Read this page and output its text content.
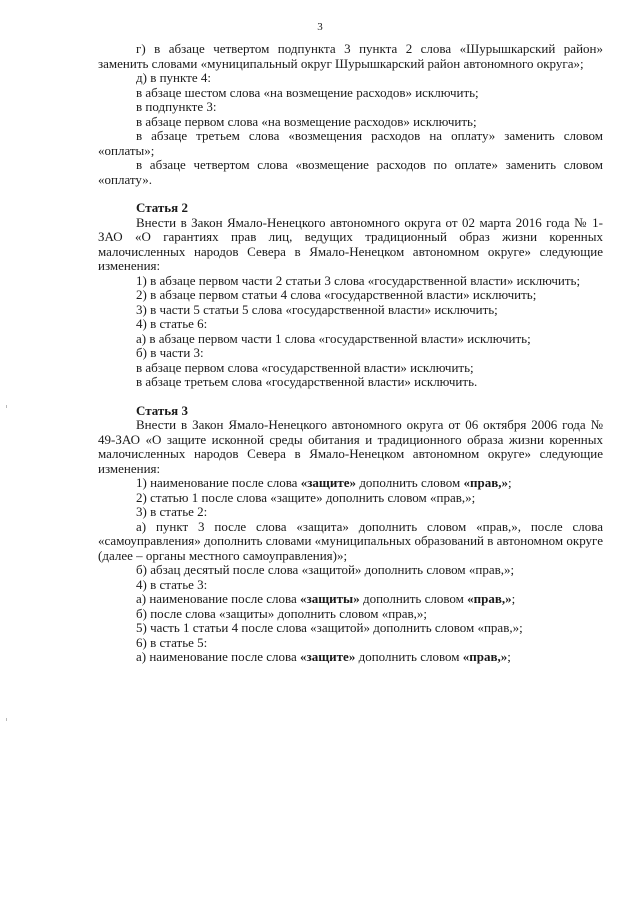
3

г) в абзаце четвертом подпункта 3 пункта 2 слова «Шурышкарский район» заменить словами «муниципальный округ Шурышкарский район автономного округа»;

д) в пункте 4:

в абзаце шестом слова «на возмещение расходов» исключить;

в подпункте 3:

в абзаце первом слова «на возмещение расходов» исключить;

в абзаце третьем слова «возмещения расходов на оплату» заменить словом «оплаты»;

в абзаце четвертом слова «возмещение расходов по оплате» заменить словом «оплату».

Статья 2

Внести в Закон Ямало-Ненецкого автономного округа от 02 марта 2016 года № 1-ЗАО «О гарантиях прав лиц, ведущих традиционный образ жизни коренных малочисленных народов Севера в Ямало-Ненецком автономном округе» следующие изменения:

1) в абзаце первом части 2 статьи 3 слова «государственной власти» исключить;

2) в абзаце первом статьи 4 слова «государственной власти» исключить;

3) в части 5 статьи 5 слова «государственной власти» исключить;

4) в статье 6:

а) в абзаце первом части 1 слова «государственной власти» исключить;

б) в части 3:

в абзаце первом слова «государственной власти» исключить;

в абзаце третьем слова «государственной власти» исключить.

Статья 3

Внести в Закон Ямало-Ненецкого автономного округа от 06 октября 2006 года № 49-ЗАО «О защите исконной среды обитания и традиционного образа жизни коренных малочисленных народов Севера в Ямало-Ненецком автономном округе» следующие изменения:

1) наименование после слова «защите» дополнить словом «прав,»;

2) статью 1 после слова «защите» дополнить словом «прав,»;

3) в статье 2:

а) пункт 3 после слова «защита» дополнить словом «прав,», после слова «самоуправления» дополнить словами «муниципальных образований в автономном округе (далее – органы местного самоуправления)»;

б) абзац десятый после слова «защитой» дополнить словом «прав,»;

4) в статье 3:

а) наименование после слова «защиты» дополнить словом «прав,»;

б) после слова «защиты» дополнить словом «прав,»;

5) часть 1 статьи 4 после слова «защитой» дополнить словом «прав,»;

6) в статье 5:

а) наименование после слова «защите» дополнить словом «прав,»;
